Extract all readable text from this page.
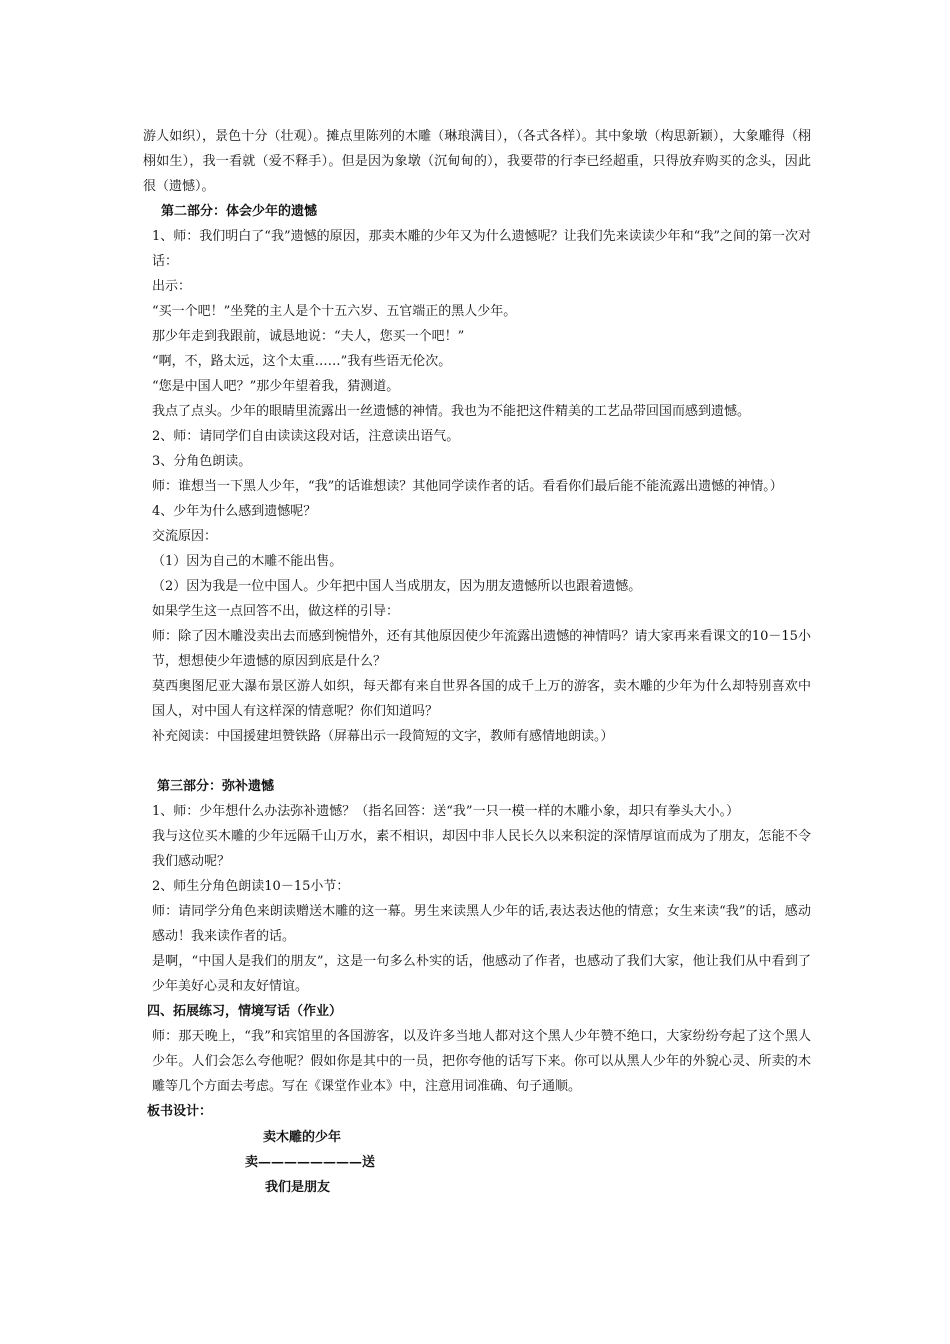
游人如织），景色十分（壮观）。摊点里陈列的木雕（琳琅满目），（各式各样）。其中象墩（构思新颖），大象雕得（栩栩如生），我一看就（爱不释手）。但是因为象墩（沉甸甸的），我要带的行李已经超重，只得放弃购买的念头，因此很（遗憾）。

第二部分：体会少年的遗憾

1、师：我们明白了“我”遗憾的原因，那卖木雕的少年又为什么遗憾呢？让我们先来读读少年和“我”之间的第一次对话：

出示：

“买一个吧！”坐凳的主人是个十五六岁、五官端正的黑人少年。

那少年走到我跟前，诚恳地说：“夫人，您买一个吧！”

“啊，不，路太远，这个太重……”我有些语无伦次。

“您是中国人吧？”那少年望着我，猜测道。

我点了点头。少年的眼睛里流露出一丝遗憾的神情。我也为不能把这件精美的工艺品带回国而感到遗憾。

2、师：请同学们自由读读这段对话，注意读出语气。

3、分角色朗读。

师：谁想当一下黑人少年，“我”的话谁想读？其他同学读作者的话。看看你们最后能不能流露出遗憾的神情。）

4、少年为什么感到遗憾呢？

交流原因：

（1）因为自己的木雕不能出售。

（2）因为我是一位中国人。少年把中国人当成朋友，因为朋友遗憾所以也跟着遗憾。

如果学生这一点回答不出，做这样的引导：

师：除了因木雕没卖出去而感到惋惜外，还有其他原因使少年流露出遗憾的神情吗？请大家再来看课文的10－15小节，想想使少年遗憾的原因到底是什么？

莫西奥图尼亚大瀑布景区游人如织，每天都有来自世界各国的成千上万的游客，卖木雕的少年为什么却特别喜欢中国人，对中国人有这样深的情意呢？你们知道吗？

补充阅读：中国援建坦赞铁路（屏幕出示一段简短的文字，教师有感情地朗读。）

第三部分：弥补遗憾

1、师：少年想什么办法弥补遗憾？（指名回答：送“我”一只一模一样的木雕小象，却只有拳头大小。）

我与这位买木雕的少年远隔千山万水，素不相识，却因中非人民长久以来积淀的深情厚谊而成为了朋友，怎能不令我们感动呢？

2、师生分角色朗读10－15小节：

师：请同学分角色来朗读赠送木雕的这一幕。男生来读黑人少年的话,表达表达他的情意；女生来读“我”的话，感动感动！我来读作者的话。

是啊，“中国人是我们的朋友”，这是一句多么朴实的话，他感动了作者，也感动了我们大家，他让我们从中看到了少年美好心灵和友好情谊。

四、拓展练习，情境写话（作业）

师：那天晚上，“我”和宾馆里的各国游客，以及许多当地人都对这个黑人少年赞不绝口，大家纷纷夸起了这个黑人少年。人们会怎么夸他呢？假如你是其中的一员，把你夸他的话写下来。你可以从黑人少年的外貌心灵、所卖的木雕等几个方面去考虑。写在《课堂作业本》中，注意用词准确、句子通顺。

板书设计：

卖木雕的少年
卖————————送
我们是朋友
